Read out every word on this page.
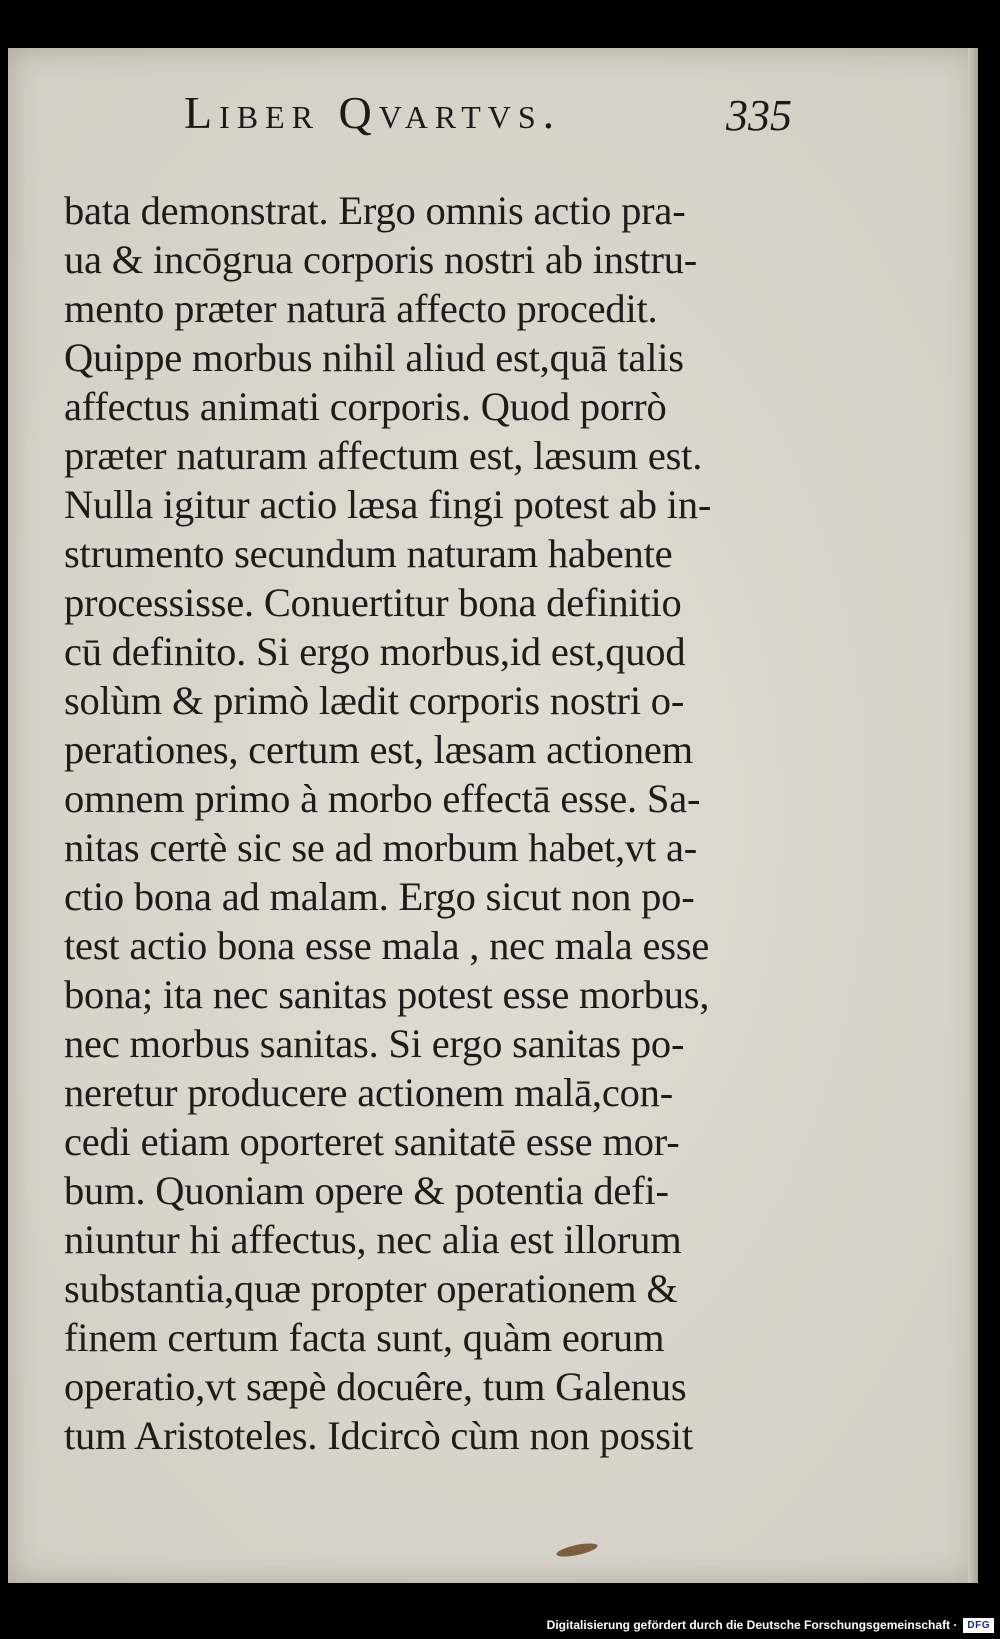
Liber Qvartvs.	335
bata demonstrat. Ergo omnis actio pra-
ua & incōgrua corporis nostri ab instru-
mento præter naturā affecto procedit.
Quippe morbus nihil aliud est,quā talis
affectus animati corporis. Quod porrò
præter naturam affectum est, læsum est.
Nulla igitur actio læsa fingi potest ab in-
strumento secundum naturam habente
processisse. Conuertitur bona definitio
cū definito. Si ergo morbus,id est,quod
solùm & primò lædit corporis nostri o-
perationes, certum est, læsam actionem
omnem primo à morbo effectā esse. Sa-
nitas certè sic se ad morbum habet,vt a-
ctio bona ad malam. Ergo sicut non po-
test actio bona esse mala , nec mala esse
bona; ita nec sanitas potest esse morbus,
nec morbus sanitas. Si ergo sanitas po-
neretur producere actionem malā,con-
cedi etiam oporteret sanitatē esse mor-
bum. Quoniam opere & potentia defi-
niuntur hi affectus, nec alia est illorum
substantia,quæ propter operationem &
finem certum facta sunt, quàm eorum
operatio,vt sæpè docuêre, tum Galenus
tum Aristoteles. Idcircò cùm non possit
Digitalisierung gefördert durch die Deutsche Forschungsgemeinschaft ·	DFG
